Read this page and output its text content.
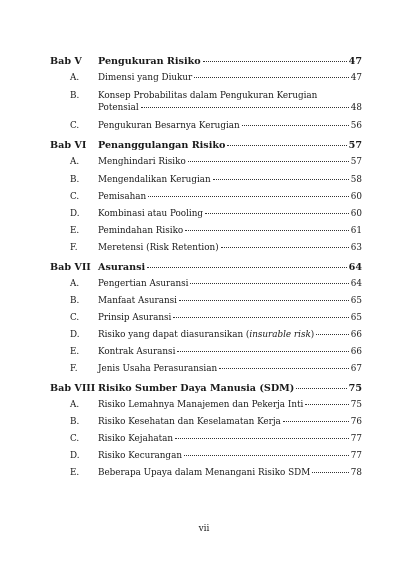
Bab V	Pengukuran Risiko	47
A.	Dimensi yang Diukur	47
B.	Konsep Probabilitas dalam Pengukuran Kerugian
Potensial	48
C.	Pengukuran Besarnya Kerugian	56
Bab VI	Penanggulangan Risiko	57
A.	Menghindari Risiko	57
B.	Mengendalikan Kerugian	58
C.	Pemisahan	60
D.	Kombinasi atau Pooling	60
E.	Pemindahan Risiko	61
F.	Meretensi (Risk Retention)	63
Bab VII Asuransi	64
A.	Pengertian Asuransi	64
B.	Manfaat Asuransi	65
C.	Prinsip Asuransi	65
D.	Risiko yang dapat diasuransikan (insurable risk)	66
E.	Kontrak Asuransi	66
F.	Jenis Usaha Perasuransian	67
Bab VIII Risiko Sumber Daya Manusia (SDM)	75
A.	Risiko Lemahnya Manajemen dan Pekerja Inti	75
B.	Risiko Kesehatan dan Keselamatan Kerja	76
C.	Risiko Kejahatan	77
D.	Risiko Kecurangan	77
E.	Beberapa Upaya dalam Menangani Risiko SDM	78
vii
